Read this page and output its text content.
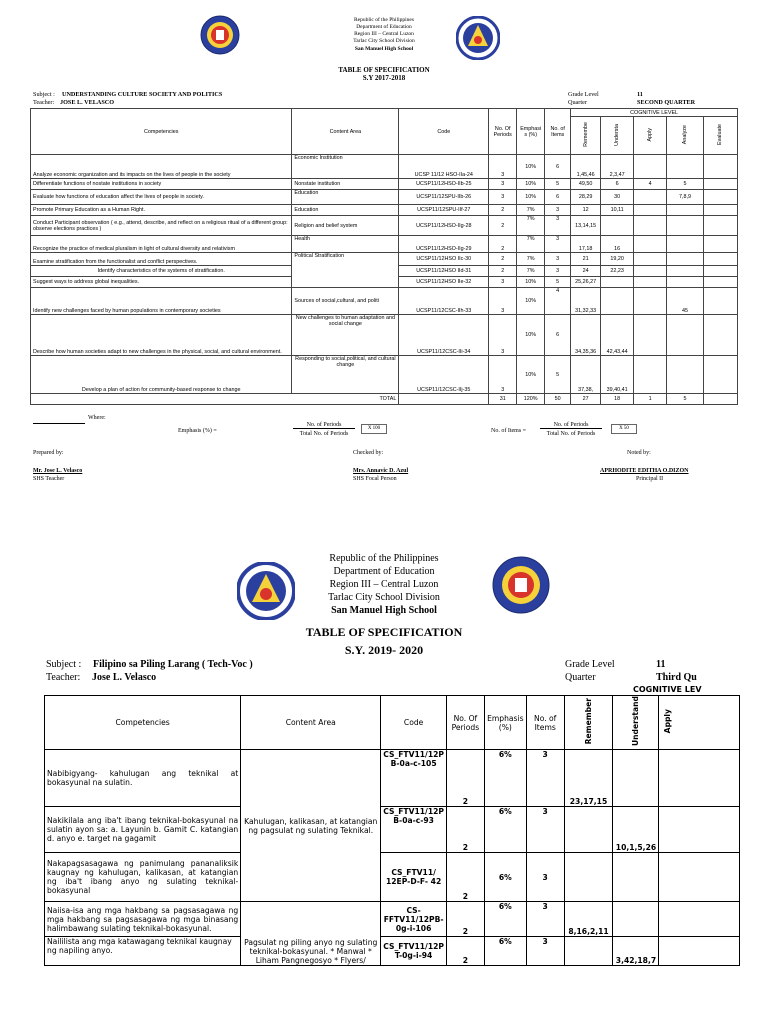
Republic of the Philippines
Department of Education
Region III – Central Luzon
Tarlac City School Division
San Manuel High School
TABLE OF SPECIFICATION
S.Y 2017-2018
Subject : UNDERSTANDING CULTURE SOCIETY AND POLITICS
Teacher: JOSE L. VELASCO
Grade Level	11
Quarter	SECOND QUARTER
Competencies	Content Area	Code	No. Of Periods	Emphasi s (%)	No. of Items	COGNITIVE LEVEL				
						Remembe	Understa	Apply	Analyze	Evaluate
Analyze economic organization and its impacts on the lives of people in the society	Economic Institution	UCSP 11/12 HSO-IIa-24	3	10%	6	1,45,46	2,3,47			
Differentiate functions of nostate institutions in society	Nonstate institution	UCSP11/12HSO-IIb-25	3	10%	5	49,50	6	4	5	
Evaluate how functions of education affect the lives of people in society.	Education	UCSP11/12SPU-IIb-26	3	10%	6	28,29	30		7,8,9	
Promote Primary Education as a Human Right.	Education	UCSP11/12SPU-IIf-27	2	7%	3	12	10,11			
Conduct Participant observation ( e.g., attend, describe, and reflect on a religious ritual of a different group: observe elections practices )	Religion and belief system	UCSP11/12HSO-IIg-28	2	7%	3	13,14,15				
Recognize the practice of medical pluralism in light of cultural diversity and relativism	Health	UCSP11/12HSO-IIg-29	2	7%	3	17,18	16			
Examine stratification from the functionalist and conflict perspectives.	Political Stratification	UCSP11/12HSO IIc-30	2	7%	3	21	19,20			
Identify characteristics of the systems of stratification.		UCSP11/12HSO IId-31	2	7%	3	24	22,23			
Suggest ways to address global inequalities.		UCSP11/12HSO IIe-32	3	10%	5	25,26,27				
Identify new challenges faced by human populations in contemporary societies	Sources of social,cultural, and politi	UCSP11/12CSC-IIh-33	3	10%	4	31,32,33			45	
Describe how human societies adapt to new challenges in the physical, social, and cultural environment.	New challenges to human adaptation and social change	UCSP11/12CSC-IIi-34	3	10%	6	34,35,36	42,43,44			
Develop a plan of action for community-based response to change	Responding to social,political, and cultural change	UCSP11/12CSC-IIj-35	3	10%	5	37,38,	39,40,41			
TOTAL			31	120%	50	27	18	1	5	
Where:
Emphasis (%) =
No. of Periods
Total No. of Periods
X 100	No. of Items =
No. of Periods
Total No. of Periods
X 50
Prepared by:	Checked by:	Noted by:
Mr. Jose L. Velasco
SHS Teacher
Mrs. Annavic D. Azul
SHS Focal Person
APRHODITE EDITHA O.DIZON
Principal II
Republic of the Philippines
Department of Education
Region III – Central Luzon
Tarlac City School Division
San Manuel High School
TABLE OF SPECIFICATION
S.Y. 2019- 2020
Subject : Filipino sa Piling Larang ( Tech-Voc )
Teacher: Jose L. Velasco
Grade Level	11
Quarter	Third Qu
COGNITIVE LEV
Competencies	Content Area	Code	No. Of Periods	Emphasis (%)	No. of Items	Remember	Understand	Apply
Nabibigyang- kahulugan ang teknikal at bokasyunal na sulatin.	Kahulugan, kalikasan, at katangian ng pagsulat ng sulating Teknikal.	CS_FTV11/12P B-0a-c-105	2	6%	3	23,17,15		
Nakikilala ang iba't ibang teknikal-bokasyunal na sulatin ayon sa: a. Layunin b. Gamit C. katangian d. anyo e. target na gagamit		CS_FTV11/12P B-0a-c-93	2	6%	3		10,1,5,26	
Nakapagsasagawa ng panimulang pananaliksik kaugnay ng kahulugan, kalikasan, at katangian ng iba't ibang anyo ng sulating teknikal-bokasyunal		CS_FTV11/ 12EP-D-F- 42	2	6%	3			
Naiisa-isa ang mga hakbang sa pagsasagawa ng mga hakbang sa pagsasagawa ng mga binasang halimbawang sulating teknikal-bokasyunal.	Pagsulat ng piling anyo ng sulating teknikal-bokasyunal. * Manwal * Liham Pangnegosyo * Flyers/	CS- FFTV11/12PB- 0g-i-106	2	6%	3	8,16,2,11		
Naililista ang mga katawagang teknikal kaugnay ng napiling anyo.		CS_FTV11/12P T-0g-i-94	2	6%	3		3,42,18,7	
